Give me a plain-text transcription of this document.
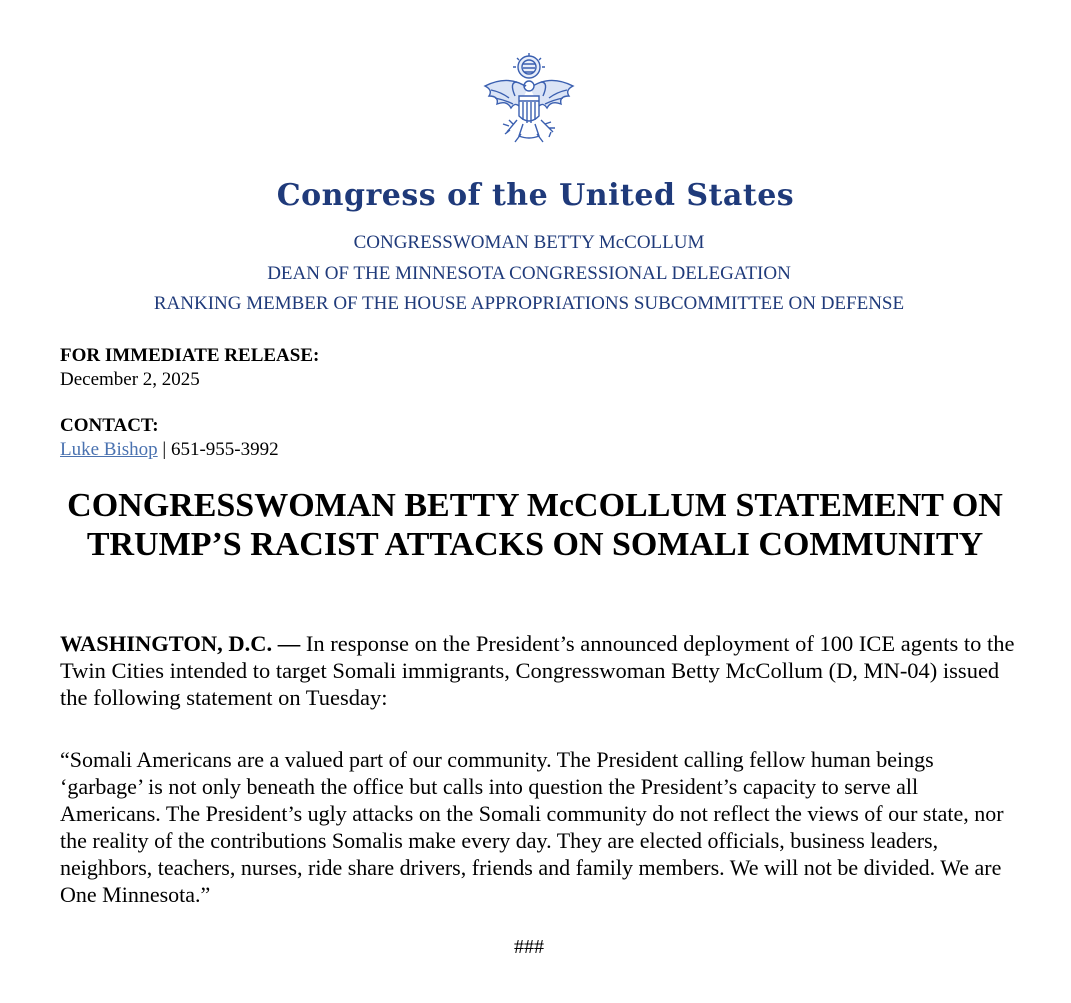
Congress of the United States
CONGRESSWOMAN BETTY McCOLLUM
DEAN OF THE MINNESOTA CONGRESSIONAL DELEGATION
RANKING MEMBER OF THE HOUSE APPROPRIATIONS SUBCOMMITTEE ON DEFENSE
FOR IMMEDIATE RELEASE:
December 2, 2025
CONTACT:
Luke Bishop | 651-955-3992
CONGRESSWOMAN BETTY McCOLLUM STATEMENT ON TRUMP’S RACIST ATTACKS ON SOMALI COMMUNITY
WASHINGTON, D.C. — In response on the President’s announced deployment of 100 ICE agents to the Twin Cities intended to target Somali immigrants, Congresswoman Betty McCollum (D, MN-04) issued the following statement on Tuesday:
“Somali Americans are a valued part of our community. The President calling fellow human beings ‘garbage’ is not only beneath the office but calls into question the President’s capacity to serve all Americans. The President’s ugly attacks on the Somali community do not reflect the views of our state, nor the reality of the contributions Somalis make every day. They are elected officials, business leaders, neighbors, teachers, nurses, ride share drivers, friends and family members. We will not be divided. We are One Minnesota.”
###
